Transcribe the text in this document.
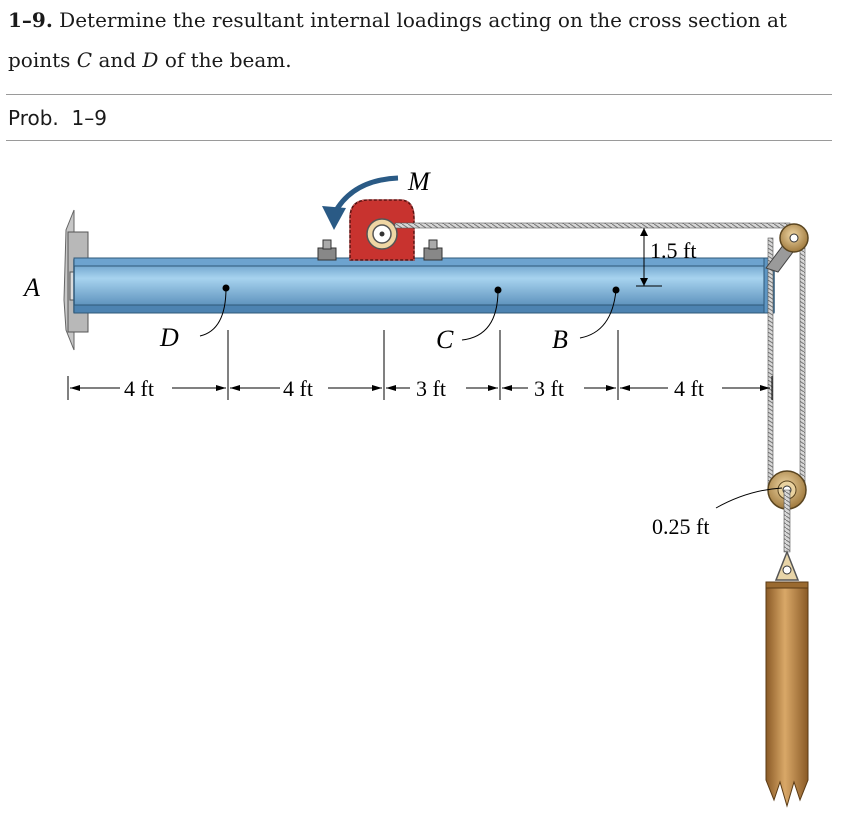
1–9. Determine the resultant internal loadings acting on the cross section at points C and D of the beam.
Prob.  1–9
M
1.5 ft
A
D	C	B
4 ft	4 ft	3 ft	3 ft	4 ft
0.25 ft
